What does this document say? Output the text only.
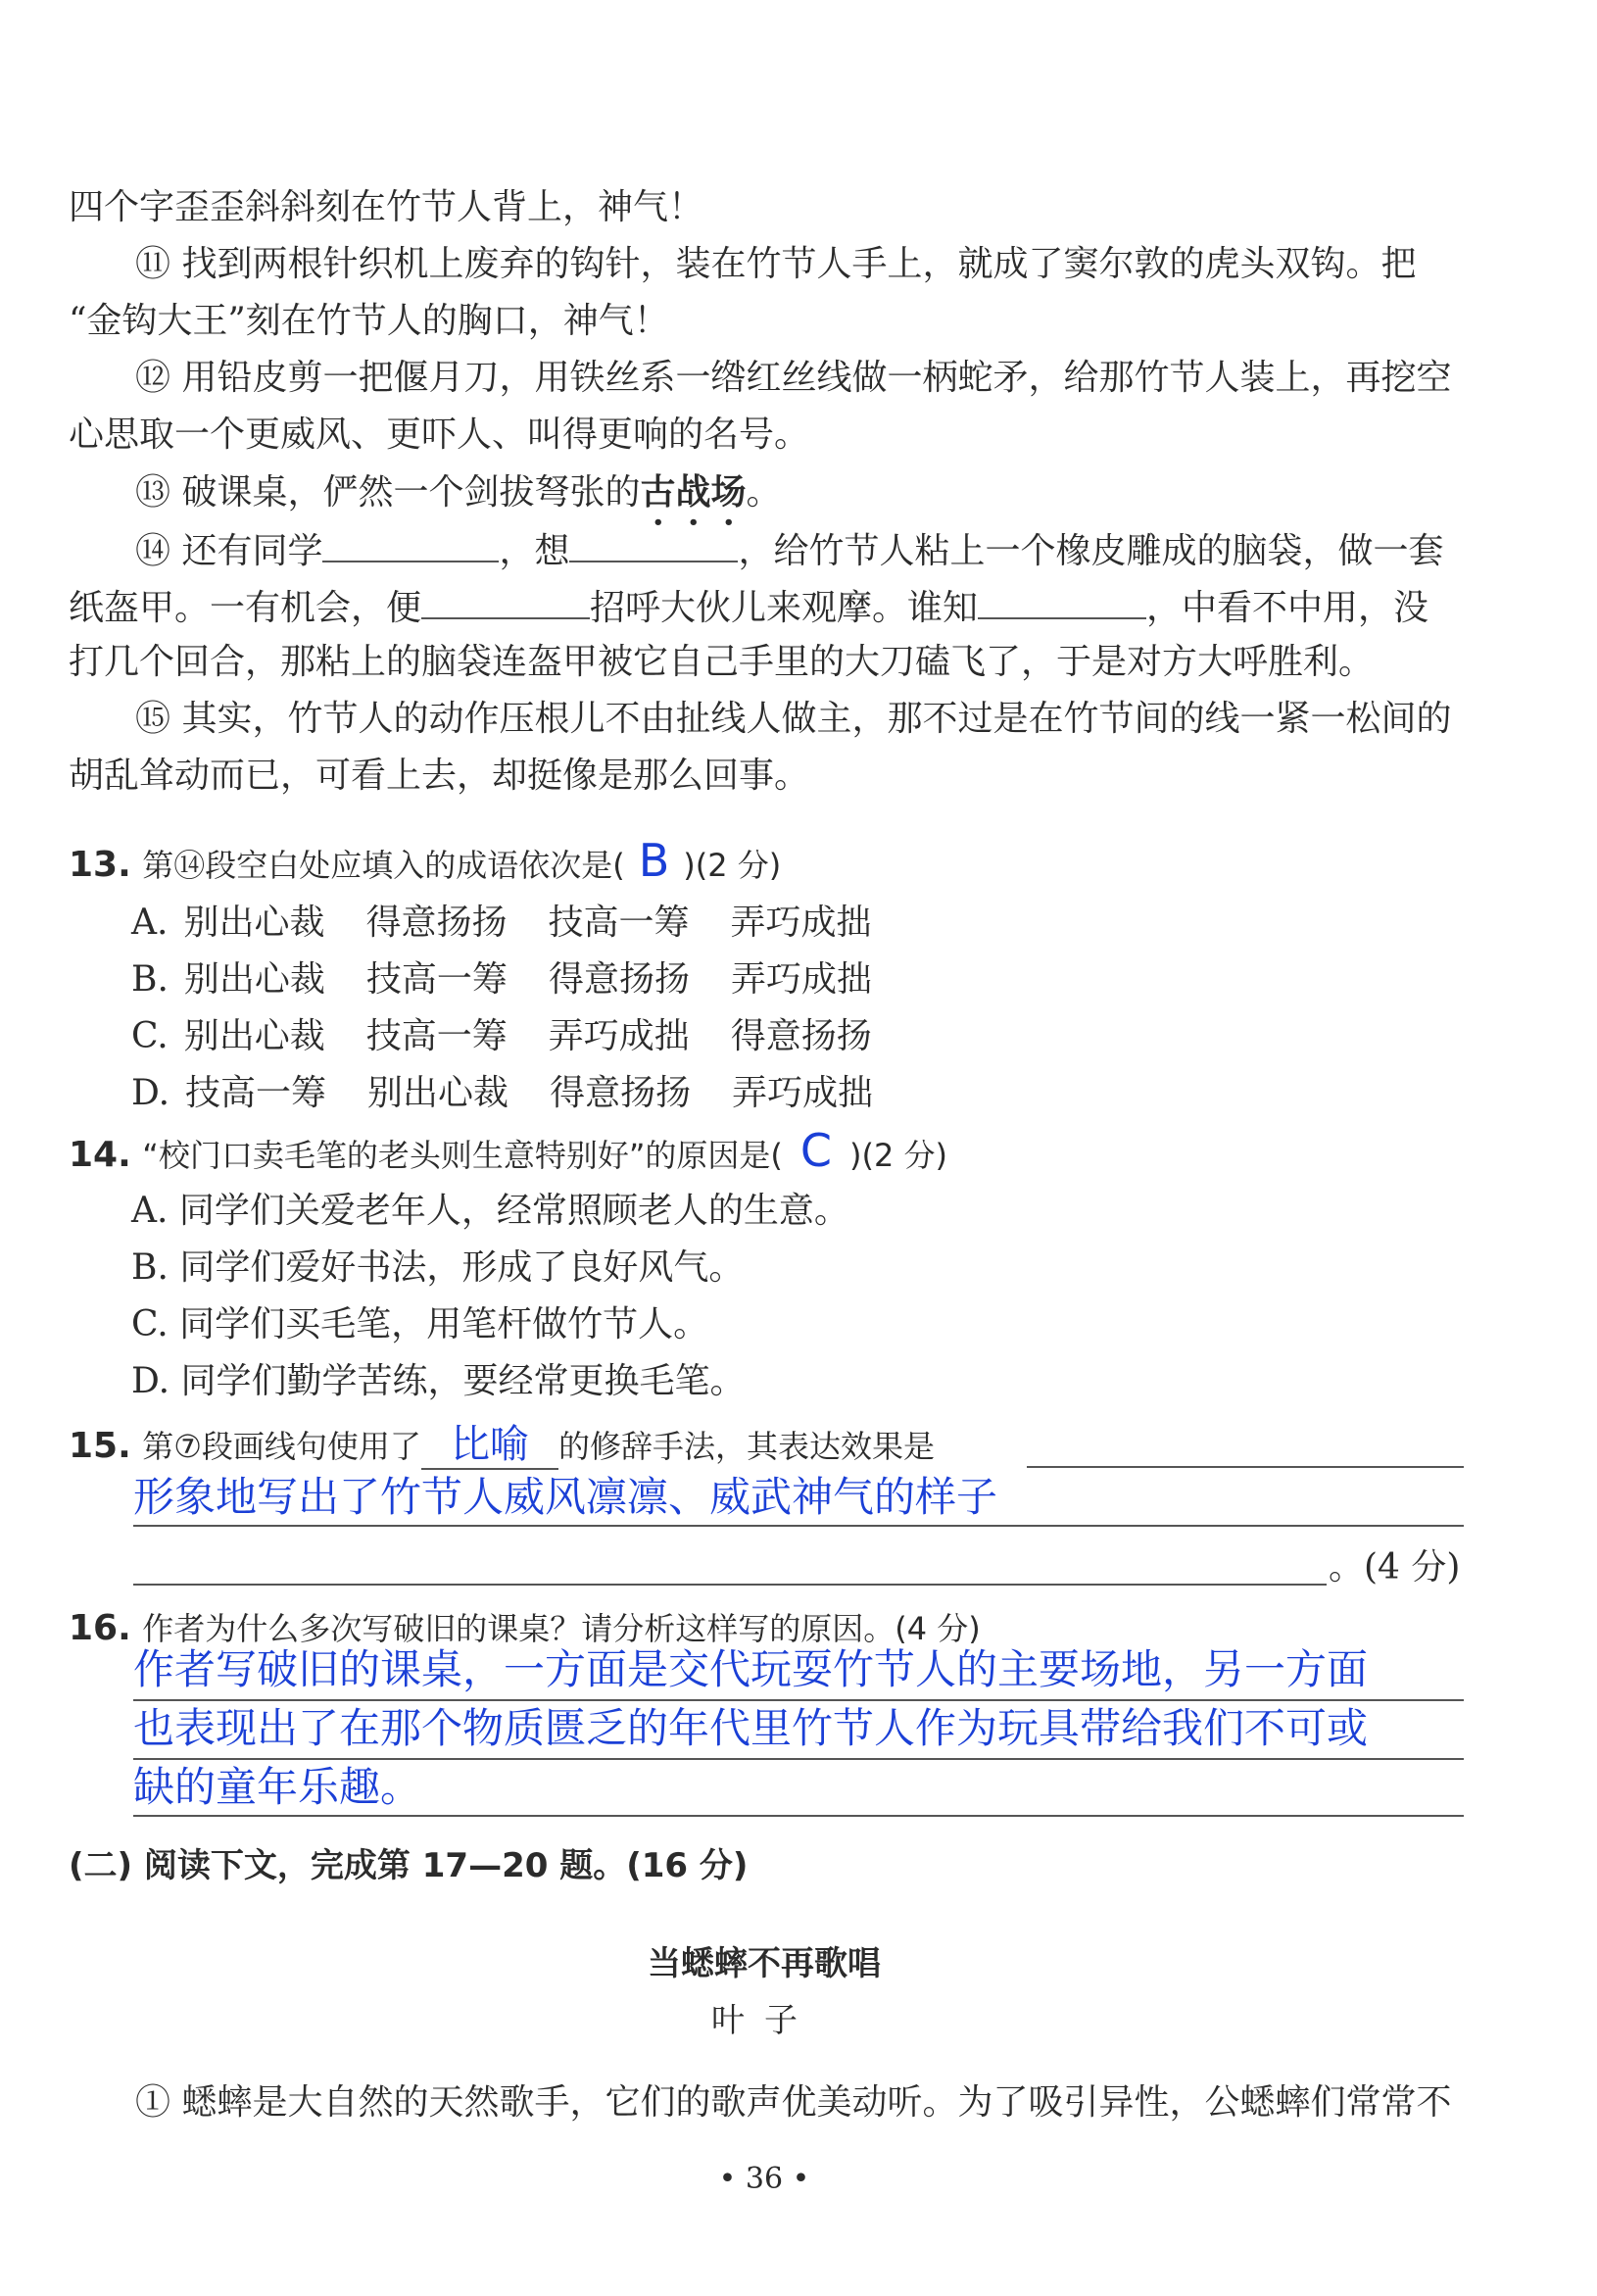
四个字歪歪斜斜刻在竹节人背上，神气！
⑪ 找到两根针织机上废弃的钩针，装在竹节人手上，就成了窦尔敦的虎头双钩。把
“金钩大王”刻在竹节人的胸口，神气！
⑫ 用铅皮剪一把偃月刀，用铁丝系一绺红丝线做一柄蛇矛，给那竹节人装上，再挖空
心思取一个更威风、更吓人、叫得更响的名号。
⑬ 破课桌，俨然一个剑拔弩张的古战场。
⑭ 还有同学	，想	，给竹节人粘上一个橡皮雕成的脑袋，做一套
纸盔甲。一有机会，便	招呼大伙儿来观摩。谁知	，中看不中用，没
打几个回合，那粘上的脑袋连盔甲被它自己手里的大刀磕飞了，于是对方大呼胜利。
⑮ 其实，竹节人的动作压根儿不由扯线人做主，那不过是在竹节间的线一紧一松间的
胡乱耸动而已，可看上去，却挺像是那么回事。
13. 第⑭段空白处应填入的成语依次是( B )(2 分)
A. 别出心裁 得意扬扬 技高一筹 弄巧成拙
B. 别出心裁 技高一筹 得意扬扬 弄巧成拙
C. 别出心裁 技高一筹 弄巧成拙 得意扬扬
D. 技高一筹 别出心裁 得意扬扬 弄巧成拙
14. “校门口卖毛笔的老头则生意特别好”的原因是( C )(2 分)
A. 同学们关爱老年人，经常照顾老人的生意。
B. 同学们爱好书法，形成了良好风气。
C. 同学们买毛笔，用笔杆做竹节人。
D. 同学们勤学苦练，要经常更换毛笔。
15. 第⑦段画线句使用了 比喻 的修辞手法，其表达效果是
形象地写出了竹节人威风凛凛、威武神气的样子
。(4 分)
16. 作者为什么多次写破旧的课桌？请分析这样写的原因。(4 分)
作者写破旧的课桌，一方面是交代玩耍竹节人的主要场地，另一方面
也表现出了在那个物质匮乏的年代里竹节人作为玩具带给我们不可或
缺的童年乐趣。
(二) 阅读下文，完成第 17—20 题。(16 分)
当蟋蟀不再歌唱
叶子
① 蟋蟀是大自然的天然歌手，它们的歌声优美动听。为了吸引异性，公蟋蟀们常常不
• 36 •
